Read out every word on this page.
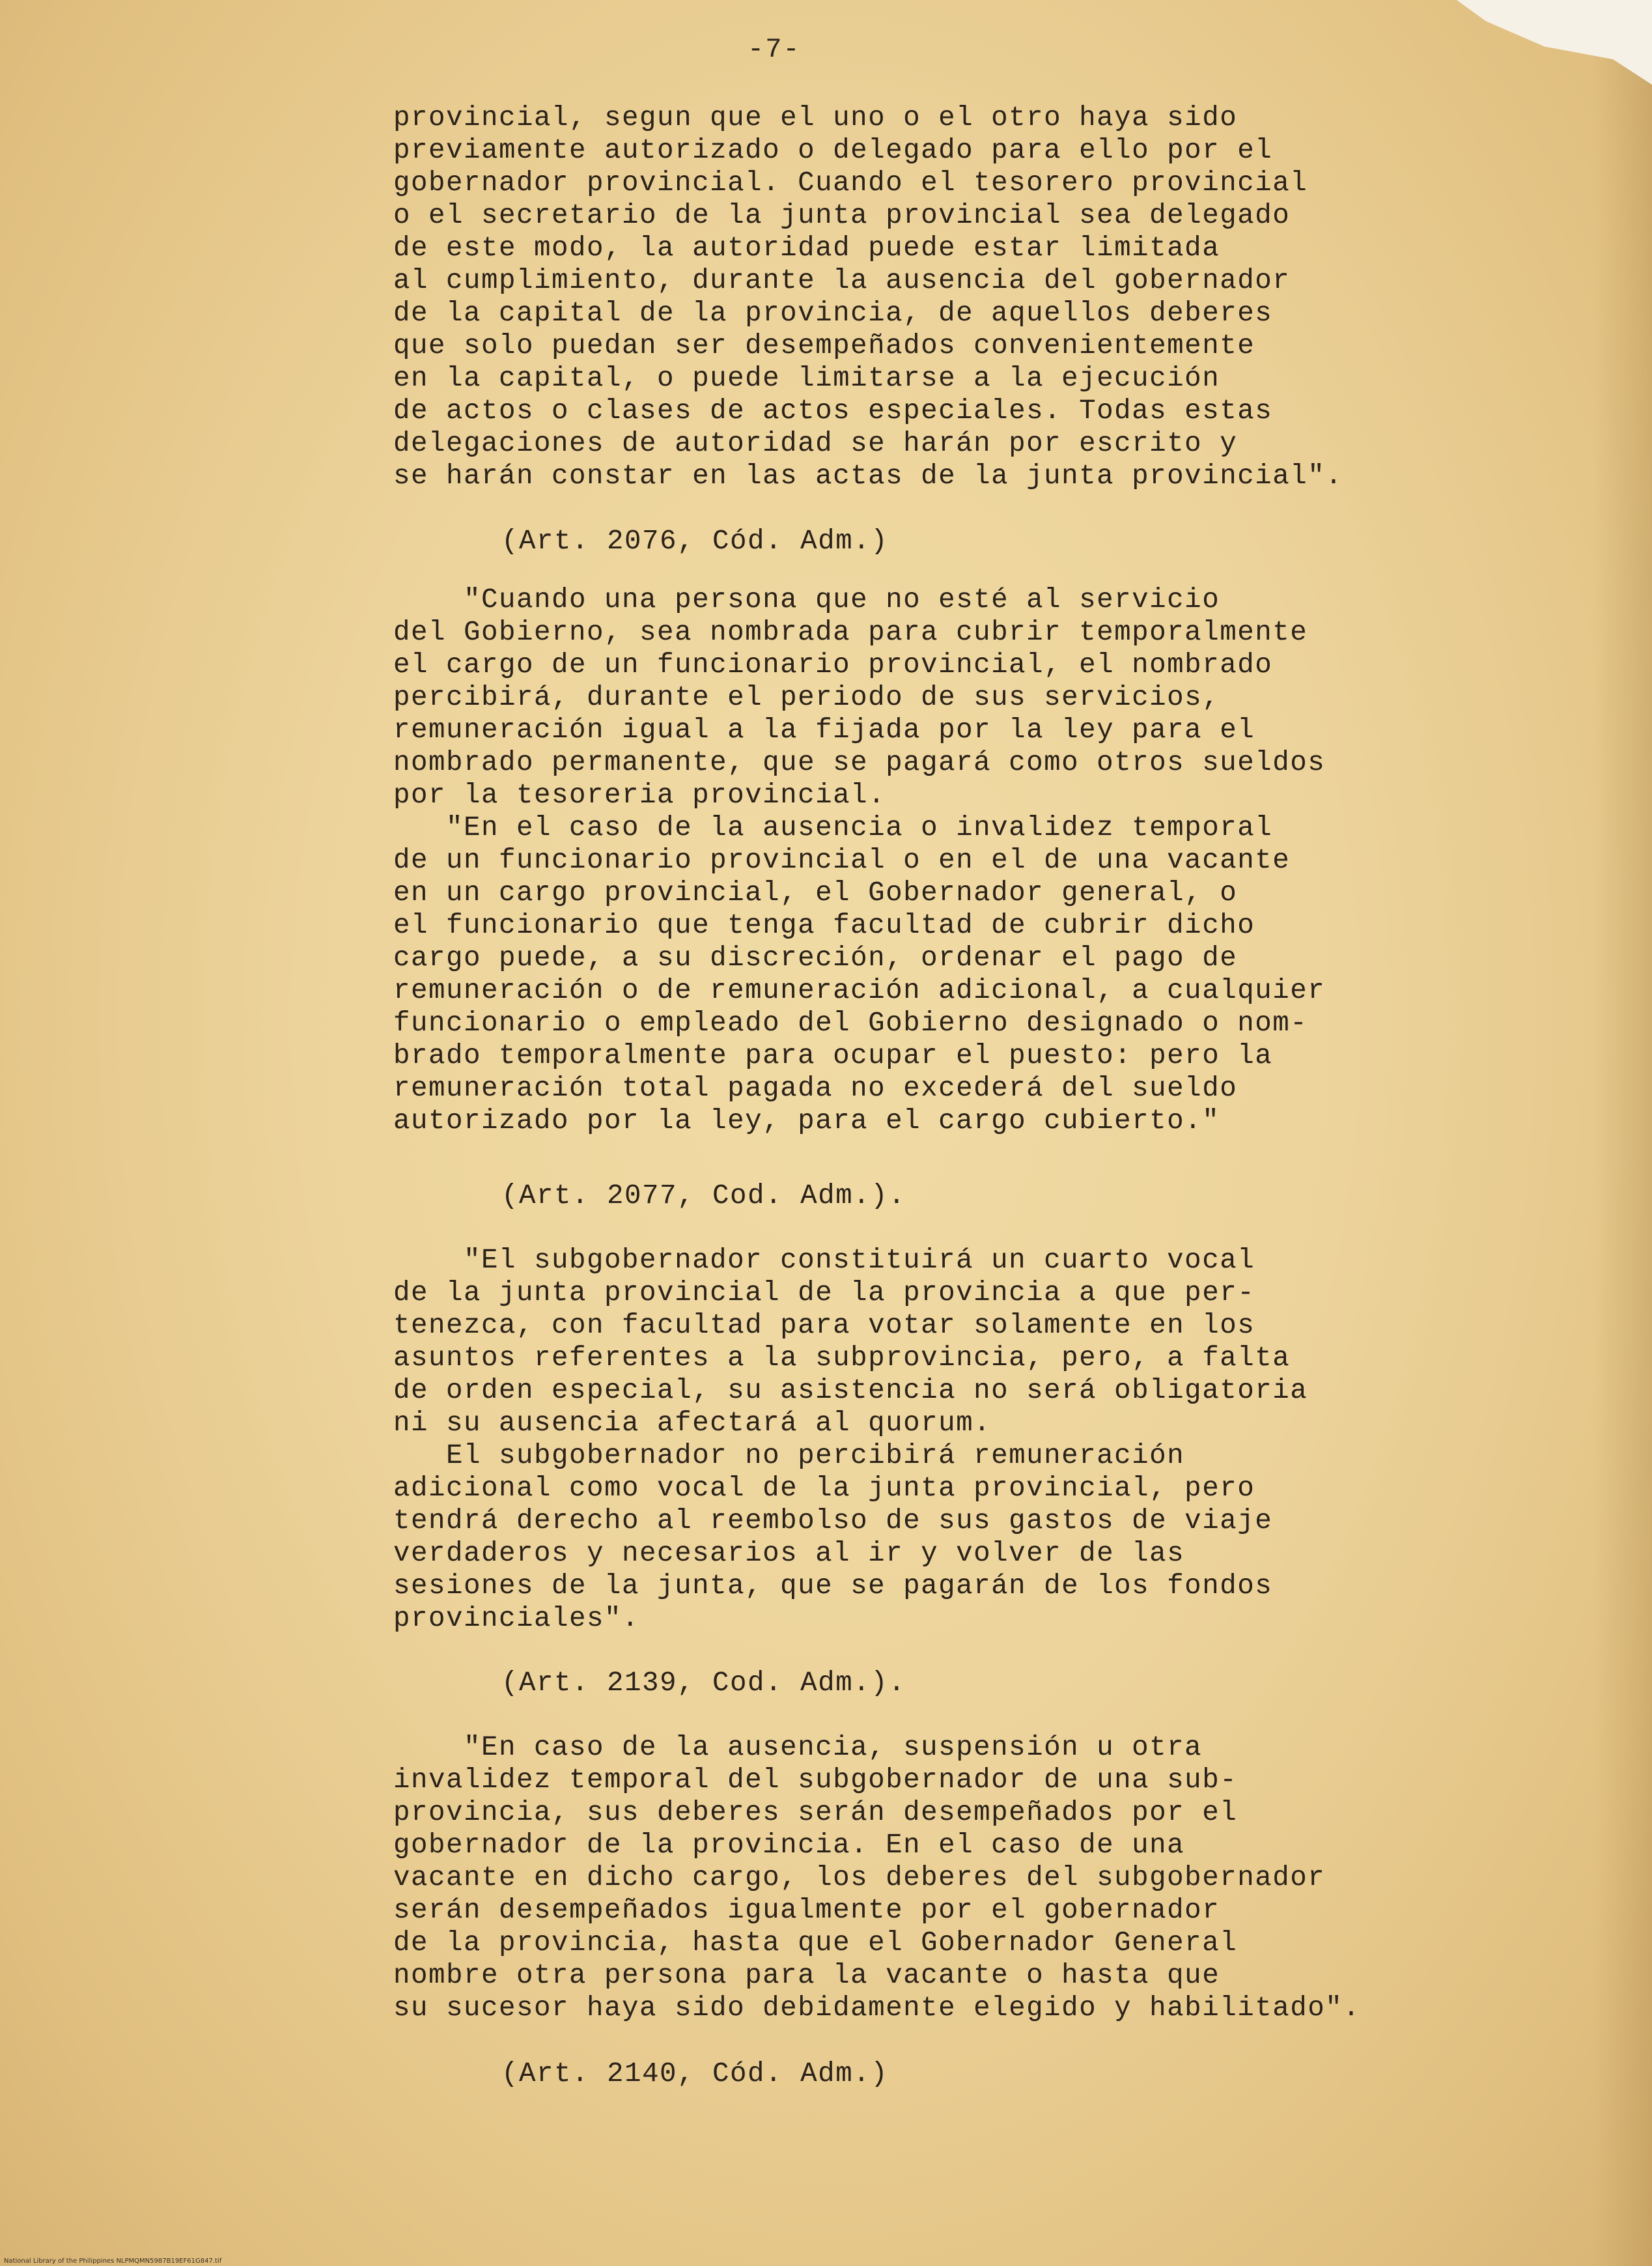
-7-
provincial, segun que el uno o el otro haya sido
previamente autorizado o delegado para ello por el
gobernador provincial. Cuando el tesorero provincial
o el secretario de la junta provincial sea delegado
de este modo, la autoridad puede estar limitada
al cumplimiento, durante la ausencia del gobernador
de la capital de la provincia, de aquellos deberes
que solo puedan ser desempeñados convenientemente
en la capital, o puede limitarse a la ejecución
de actos o clases de actos especiales. Todas estas
delegaciones de autoridad se harán por escrito y
se harán constar en las actas de la junta provincial".
(Art. 2076, Cód. Adm.)
"Cuando una persona que no esté al servicio
del Gobierno, sea nombrada para cubrir temporalmente
el cargo de un funcionario provincial, el nombrado
percibirá, durante el periodo de sus servicios,
remuneración igual a la fijada por la ley para el
nombrado permanente, que se pagará como otros sueldos
por la tesoreria provincial.
"En el caso de la ausencia o invalidez temporal
de un funcionario provincial o en el de una vacante
en un cargo provincial, el Gobernador general, o
el funcionario que tenga facultad de cubrir dicho
cargo puede, a su discreción, ordenar el pago de
remuneración o de remuneración adicional, a cualquier
funcionario o empleado del Gobierno designado o nom-
brado temporalmente para ocupar el puesto: pero la
remuneración total pagada no excederá del sueldo
autorizado por la ley, para el cargo cubierto."
(Art. 2077, Cod. Adm.).
"El subgobernador constituirá un cuarto vocal
de la junta provincial de la provincia a que per-
tenezca, con facultad para votar solamente en los
asuntos referentes a la subprovincia, pero, a falta
de orden especial, su asistencia no será obligatoria
ni su ausencia afectará al quorum.
El subgobernador no percibirá remuneración
adicional como vocal de la junta provincial, pero
tendrá derecho al reembolso de sus gastos de viaje
verdaderos y necesarios al ir y volver de las
sesiones de la junta, que se pagarán de los fondos
provinciales".
(Art. 2139, Cod. Adm.).
"En caso de la ausencia, suspensión u otra
invalidez temporal del subgobernador de una sub-
provincia, sus deberes serán desempeñados por el
gobernador de la provincia. En el caso de una
vacante en dicho cargo, los deberes del subgobernador
serán desempeñados igualmente por el gobernador
de la provincia, hasta que el Gobernador General
nombre otra persona para la vacante o hasta que
su sucesor haya sido debidamente elegido y habilitado".
(Art. 2140, Cód. Adm.)
National Library of the Philippines NLPMQMN5987B19EF61G847.tif
